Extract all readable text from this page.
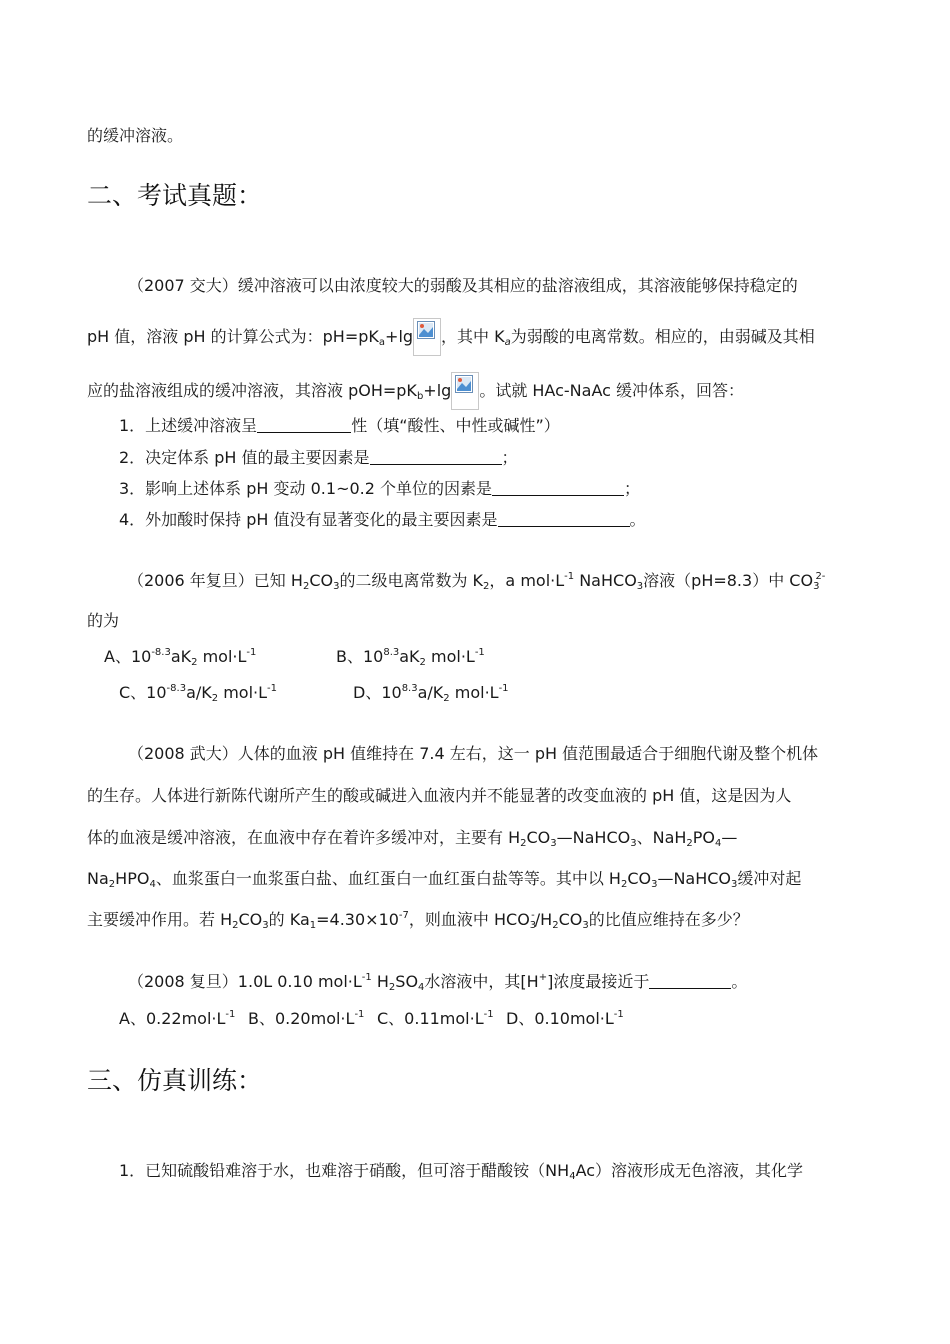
的缓冲溶液。
二、考试真题：
（2007 交大）缓冲溶液可以由浓度较大的弱酸及其相应的盐溶液组成，其溶液能够保持稳定的
pH 值，溶液 pH 的计算公式为：$pH=pK_a+\lg$ ，其中 $K_a$为弱酸的电离常数。相应的，由弱碱及其相
应的盐溶液组成的缓冲溶液，其溶液 $pOH=pK_b+\lg$ 。试就 HAc-NaAc 缓冲体系，回答：
1．上述缓冲溶液呈	性（填“酸性、中性或碱性”）
2．决定体系 pH 值的最主要因素是	；
3．影响上述体系 pH 变动 0.1~0.2 个单位的因素是	；
4．外加酸时保持 pH 值没有显著变化的最主要因素是	。
（2006 年复旦）已知 $H_2CO_3$的二级电离常数为 $K_2$，a $mol\cdot L^{-1}$ NaHCO$_3$溶液（pH=8.3）中 $CO_3^{2-}$
的为
A、$10^{-8.3}aK_2$ $mol\cdot L^{-1}$	B、$10^{8.3}aK_2$ $mol\cdot L^{-1}$
C、$10^{-8.3}a/K_2$ $mol\cdot L^{-1}$	D、$10^{8.3}a/K_2$ $mol\cdot L^{-1}$
（2008 武大）人体的血液 pH 值维持在 7.4 左右，这一 pH 值范围最适合于细胞代谢及整个机体
的生存。人体进行新陈代谢所产生的酸或碱进入血液内并不能显著的改变血液的 pH 值，这是因为人
体的血液是缓冲溶液，在血液中存在着许多缓冲对，主要有 $H_2CO_3—NaHCO_3$、$NaH_2PO_4—$
$Na_2HPO_4$、血浆蛋白一血浆蛋白盐、血红蛋白一血红蛋白盐等等。其中以 $H_2CO_3—NaHCO_3$缓冲对起
主要缓冲作用。若 $H_2CO_3$的 $Ka_1=4.30\times 10^{-7}$，则血液中 $HCO_3^-/H_2CO_3$的比值应维持在多少？
（2008 复旦）1.0L 0.10 $mol\cdot L^{-1}$ $H_2SO_4$水溶液中，其[H+]浓度最接近于	。
A、$0.22mol\cdot L^{-1}$ B、$0.20mol\cdot L^{-1}$ C、$0.11mol\cdot L^{-1}$ D、$0.10mol\cdot L^{-1}$
三、仿真训练：
1．已知硫酸铅难溶于水，也难溶于硝酸，但可溶于醋酸铵$(NH_4Ac)$溶液形成无色溶液，其化学
